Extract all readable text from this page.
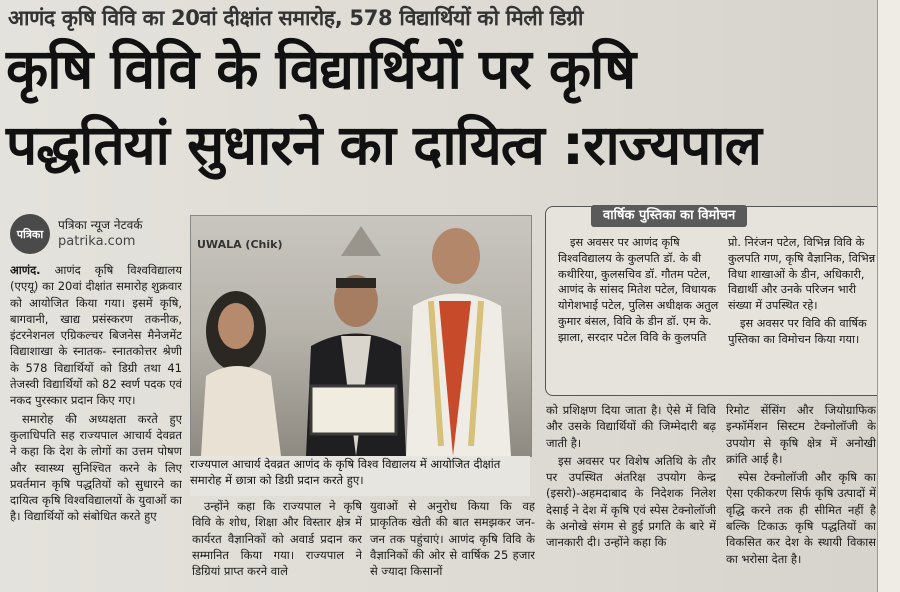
आणंद कृषि विवि का 20वां दीक्षांत समारोह, 578 विद्यार्थियों को मिली डिग्री
कृषि विवि के विद्यार्थियों पर कृषि
पद्धतियां सुधारने का दायित्व :राज्यपाल
पत्रिका
पत्रिका न्यूज नेटवर्क
patrika.com

आणंद. आणंद कृषि विश्वविद्यालय (एएयू) का 20वां दीक्षांत समारोह शुक्रवार को आयोजित किया गया। इसमें कृषि, बागवानी, खाद्य प्रसंस्करण तकनीक, इंटरनेशनल एग्रिकल्चर बिजनेस मैनेजमेंट विद्याशाखा के स्नातक- स्नातकोत्तर श्रेणी के 578 विद्यार्थियों को डिग्री तथा 41 तेजस्वी विद्यार्थियों को 82 स्वर्ण पदक एवं नकद पुरस्कार प्रदान किए गए।

समारोह की अध्यक्षता करते हुए कुलाधिपति सह राज्यपाल आचार्य देवव्रत ने कहा कि देश के लोगों का उत्तम पोषण और स्वास्थ्य सुनिश्चित करने के लिए प्रवर्तमान कृषि पद्धतियों को सुधारने का दायित्व कृषि विश्वविद्यालयों के युवाओं का है। विद्यार्थियों को संबोधित करते हुए

UWALA (Chik)
राज्यपाल आचार्य देवव्रत आणंद के कृषि विश्व विद्यालय में आयोजित दीक्षांत समारोह में छात्रा को डिग्री प्रदान करते हुए।

उन्होंने कहा कि राज्यपाल ने कृषि विवि के शोध, शिक्षा और विस्तार क्षेत्र में कार्यरत वैज्ञानिकों को अवार्ड प्रदान कर सम्मानित किया गया। राज्यपाल ने डिग्रियां प्राप्त करने वाले

युवाओं से अनुरोध किया कि वह प्राकृतिक खेती की बात समझकर जन-जन तक पहुंचाएं। आणंद कृषि विवि के वैज्ञानिकों की ओर से वार्षिक 25 हजार से ज्यादा किसानों

वार्षिक पुस्तिका का विमोचन

इस अवसर पर आणंद कृषि विश्वविद्यालय के कुलपति डॉ. के बी कथीरिया, कुलसचिव डॉ. गौतम पटेल, आणंद के सांसद मितेश पटेल, विधायक योगेशभाई पटेल, पुलिस अधीक्षक अतुल कुमार बंसल, विवि के डीन डॉ. एम के. झाला, सरदार पटेल विवि के कुलपति

प्रो. निरंजन पटेल, विभिन्न विवि के कुलपति गण, कृषि वैज्ञानिक, विभिन्न विधा शाखाओं के डीन, अधिकारी, विद्यार्थी और उनके परिजन भारी संख्या में उपस्थित रहे।

इस अवसर पर विवि की वार्षिक पुस्तिका का विमोचन किया गया।

को प्रशिक्षण दिया जाता है। ऐसे में विवि और उसके विद्यार्थियों की जिम्मेदारी बढ़ जाती है।

इस अवसर पर विशेष अतिथि के तौर पर उपस्थित अंतरिक्ष उपयोग केन्द्र (इसरो)-अहमदाबाद के निदेशक निलेश देसाई ने देश में कृषि एवं स्पेस टेक्नोलॉजी के अनोखे संगम से हुई प्रगति के बारे में जानकारी दी। उन्होंने कहा कि

रिमोट सेंसिंग और जियोग्राफिक इन्फॉर्मेशन सिस्टम टेक्नोलॉजी के उपयोग से कृषि क्षेत्र में अनोखी क्रांति आई है।

स्पेस टेक्नोलॉजी और कृषि का ऐसा एकीकरण सिर्फ कृषि उत्पादों में वृद्धि करने तक ही सीमित नहीं है बल्कि टिकाऊ कृषि पद्धतियों का विकसित कर देश के स्थायी विकास का भरोसा देता है।
